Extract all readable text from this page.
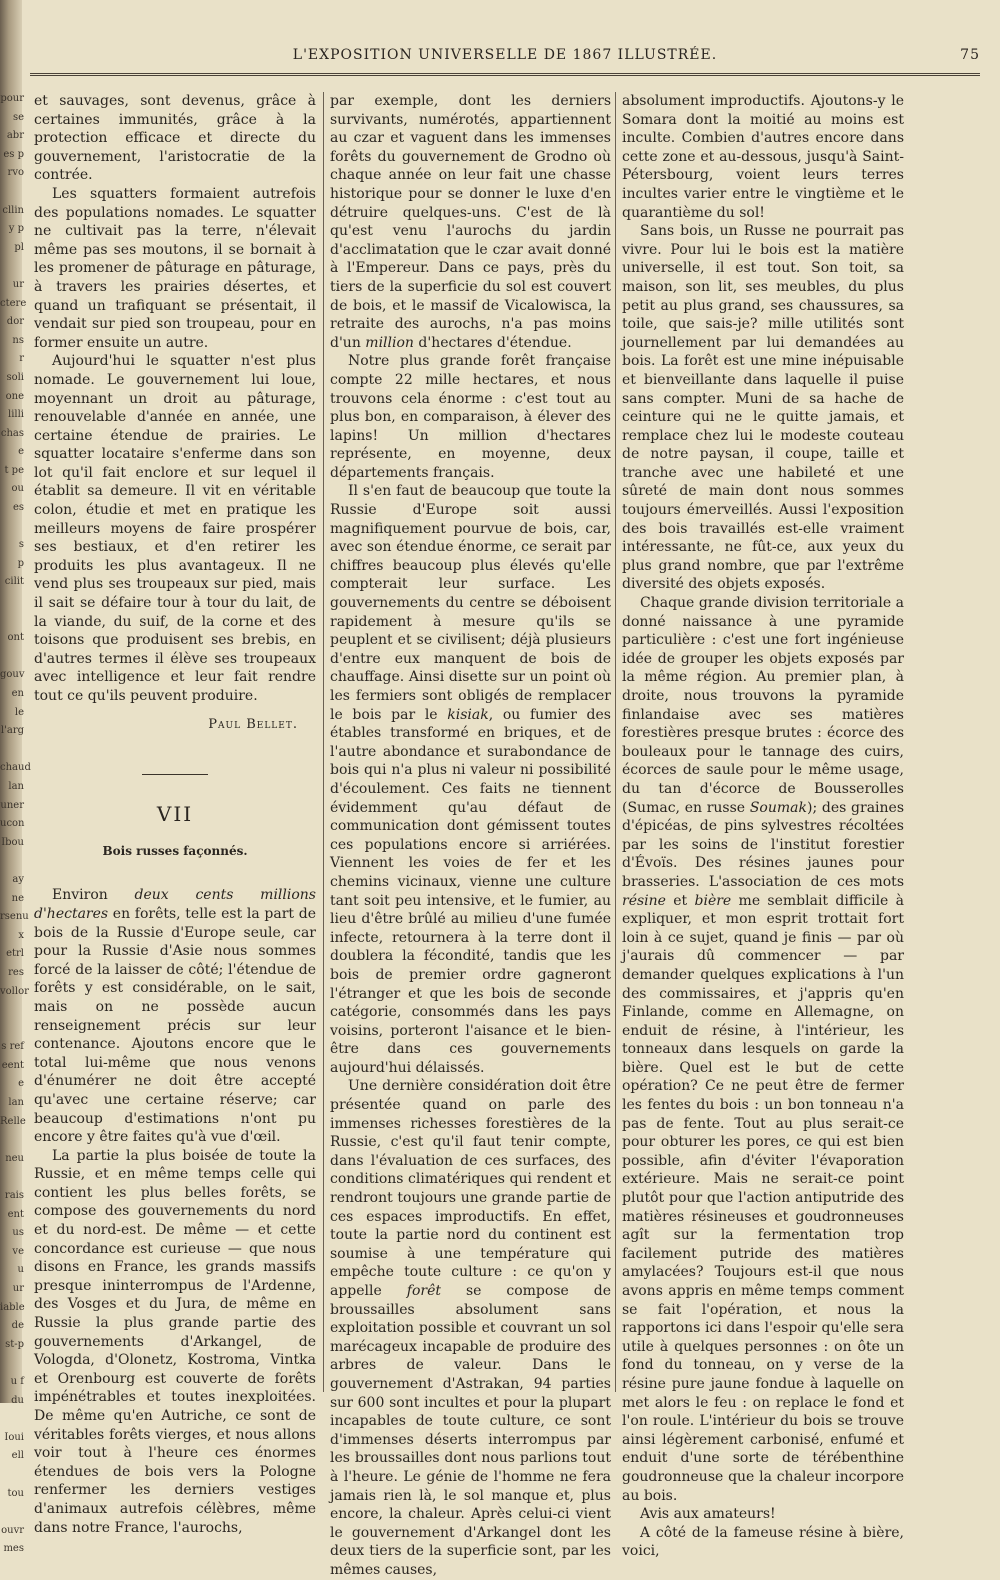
pour
se
abr
es p
rvo

cllin
y p
pl

ur
ctere
dor
ns
r
soli
one
lilli
chas
e
t pe
ou
es

s
p
cilit

ont

gouv
en le
l'arg

chaud
lan
uner
ucon
Ibou

ay
ne
rsenu
x
etrl
res
vollor

s ref
eent
e lan
Relle

neu

rais
ent
us ve
u
ur
iable
de
st-p

u f
du

Ioui
ell

tou

ouvr
mes
L'EXPOSITION UNIVERSELLE DE 1867 ILLUSTRÉE.	75

et sauvages, sont devenus, grâce à certaines immunités, grâce à la protection efficace et directe du gouvernement, l'aristocratie de la contrée.

Les squatters formaient autrefois des populations nomades. Le squatter ne cultivait pas la terre, n'élevait même pas ses moutons, il se bornait à les promener de pâturage en pâturage, à travers les prairies désertes, et quand un trafiquant se présentait, il vendait sur pied son troupeau, pour en former ensuite un autre.

Aujourd'hui le squatter n'est plus nomade. Le gouvernement lui loue, moyennant un droit au pâturage, renouvelable d'année en année, une certaine étendue de prairies. Le squatter locataire s'enferme dans son lot qu'il fait enclore et sur lequel il établit sa demeure. Il vit en véritable colon, étudie et met en pratique les meilleurs moyens de faire prospérer ses bestiaux, et d'en retirer les produits les plus avantageux. Il ne vend plus ses troupeaux sur pied, mais il sait se défaire tour à tour du lait, de la viande, du suif, de la corne et des toisons que produisent ses brebis, en d'autres termes il élève ses troupeaux avec intelligence et leur fait rendre tout ce qu'ils peuvent produire.

Paul Bellet.
VII
Bois russes façonnés.

Environ deux cents millions d'hectares en forêts, telle est la part de bois de la Russie d'Europe seule, car pour la Russie d'Asie nous sommes forcé de la laisser de côté; l'étendue de forêts y est considérable, on le sait, mais on ne possède aucun renseignement précis sur leur contenance. Ajoutons encore que le total lui-même que nous venons d'énumérer ne doit être accepté qu'avec une certaine réserve; car beaucoup d'estimations n'ont pu encore y être faites qu'à vue d'œil.

La partie la plus boisée de toute la Russie, et en même temps celle qui contient les plus belles forêts, se compose des gouvernements du nord et du nord-est. De même — et cette concordance est curieuse — que nous disons en France, les grands massifs presque ininterrompus de l'Ardenne, des Vosges et du Jura, de même en Russie la plus grande partie des gouvernements d'Arkangel, de Vologda, d'Olonetz, Kostroma, Vintka et Orenbourg est couverte de forêts impénétrables et toutes inexploitées. De même qu'en Autriche, ce sont de véritables forêts vierges, et nous allons voir tout à l'heure ces énormes étendues de bois vers la Pologne renfermer les derniers vestiges d'animaux autrefois célèbres, même dans notre France, l'aurochs,

par exemple, dont les derniers survivants, numérotés, appartiennent au czar et vaguent dans les immenses forêts du gouvernement de Grodno où chaque année on leur fait une chasse historique pour se donner le luxe d'en détruire quelques-uns. C'est de là qu'est venu l'aurochs du jardin d'acclimatation que le czar avait donné à l'Empereur. Dans ce pays, près du tiers de la superficie du sol est couvert de bois, et le massif de Vicalowisca, la retraite des aurochs, n'a pas moins d'un million d'hectares d'étendue.

Notre plus grande forêt française compte 22 mille hectares, et nous trouvons cela énorme : c'est tout au plus bon, en comparaison, à élever des lapins! Un million d'hectares représente, en moyenne, deux départements français.

Il s'en faut de beaucoup que toute la Russie d'Europe soit aussi magnifiquement pourvue de bois, car, avec son étendue énorme, ce serait par chiffres beaucoup plus élevés qu'elle compterait leur surface. Les gouvernements du centre se déboisent rapidement à mesure qu'ils se peuplent et se civilisent; déjà plusieurs d'entre eux manquent de bois de chauffage. Ainsi disette sur un point où les fermiers sont obligés de remplacer le bois par le kisiak, ou fumier des étables transformé en briques, et de l'autre abondance et surabondance de bois qui n'a plus ni valeur ni possibilité d'écoulement. Ces faits ne tiennent évidemment qu'au défaut de communication dont gémissent toutes ces populations encore si arriérées. Viennent les voies de fer et les chemins vicinaux, vienne une culture tant soit peu intensive, et le fumier, au lieu d'être brûlé au milieu d'une fumée infecte, retournera à la terre dont il doublera la fécondité, tandis que les bois de premier ordre gagneront l'étranger et que les bois de seconde catégorie, consommés dans les pays voisins, porteront l'aisance et le bien-être dans ces gouvernements aujourd'hui délaissés.

Une dernière considération doit être présentée quand on parle des immenses richesses forestières de la Russie, c'est qu'il faut tenir compte, dans l'évaluation de ces surfaces, des conditions climatériques qui rendent et rendront toujours une grande partie de ces espaces improductifs. En effet, toute la partie nord du continent est soumise à une température qui empêche toute culture : ce qu'on y appelle forêt se compose de broussailles absolument sans exploitation possible et couvrant un sol marécageux incapable de produire des arbres de valeur. Dans le gouvernement d'Astrakan, 94 parties sur 600 sont incultes et pour la plupart incapables de toute culture, ce sont d'immenses déserts interrompus par les broussailles dont nous parlions tout à l'heure. Le génie de l'homme ne fera jamais rien là, le sol manque et, plus encore, la chaleur. Après celui-ci vient le gouvernement d'Arkangel dont les deux tiers de la superficie sont, par les mêmes causes,

absolument improductifs. Ajoutons-y le Somara dont la moitié au moins est inculte. Combien d'autres encore dans cette zone et au-dessous, jusqu'à Saint-Pétersbourg, voient leurs terres incultes varier entre le vingtième et le quarantième du sol!

Sans bois, un Russe ne pourrait pas vivre. Pour lui le bois est la matière universelle, il est tout. Son toit, sa maison, son lit, ses meubles, du plus petit au plus grand, ses chaussures, sa toile, que sais-je? mille utilités sont journellement par lui demandées au bois. La forêt est une mine inépuisable et bienveillante dans laquelle il puise sans compter. Muni de sa hache de ceinture qui ne le quitte jamais, et remplace chez lui le modeste couteau de notre paysan, il coupe, taille et tranche avec une habileté et une sûreté de main dont nous sommes toujours émerveillés. Aussi l'exposition des bois travaillés est-elle vraiment intéressante, ne fût-ce, aux yeux du plus grand nombre, que par l'extrême diversité des objets exposés.

Chaque grande division territoriale a donné naissance à une pyramide particulière : c'est une fort ingénieuse idée de grouper les objets exposés par la même région. Au premier plan, à droite, nous trouvons la pyramide finlandaise avec ses matières forestières presque brutes : écorce des bouleaux pour le tannage des cuirs, écorces de saule pour le même usage, du tan d'écorce de Bousserolles (Sumac, en russe Soumak); des graines d'épicéas, de pins sylvestres récoltées par les soins de l'institut forestier d'Évoïs. Des résines jaunes pour brasseries. L'association de ces mots résine et bière me semblait difficile à expliquer, et mon esprit trottait fort loin à ce sujet, quand je finis — par où j'aurais dû commencer — par demander quelques explications à l'un des commissaires, et j'appris qu'en Finlande, comme en Allemagne, on enduit de résine, à l'intérieur, les tonneaux dans lesquels on garde la bière. Quel est le but de cette opération? Ce ne peut être de fermer les fentes du bois : un bon tonneau n'a pas de fente. Tout au plus serait-ce pour obturer les pores, ce qui est bien possible, afin d'éviter l'évaporation extérieure. Mais ne serait-ce point plutôt pour que l'action antiputride des matières résineuses et goudronneuses agît sur la fermentation trop facilement putride des matières amylacées? Toujours est-il que nous avons appris en même temps comment se fait l'opération, et nous la rapportons ici dans l'espoir qu'elle sera utile à quelques personnes : on ôte un fond du tonneau, on y verse de la résine pure jaune fondue à laquelle on met alors le feu : on replace le fond et l'on roule. L'intérieur du bois se trouve ainsi légèrement carbonisé, enfumé et enduit d'une sorte de térébenthine goudronneuse que la chaleur incorpore au bois.

Avis aux amateurs!

A côté de la fameuse résine à bière, voici,
